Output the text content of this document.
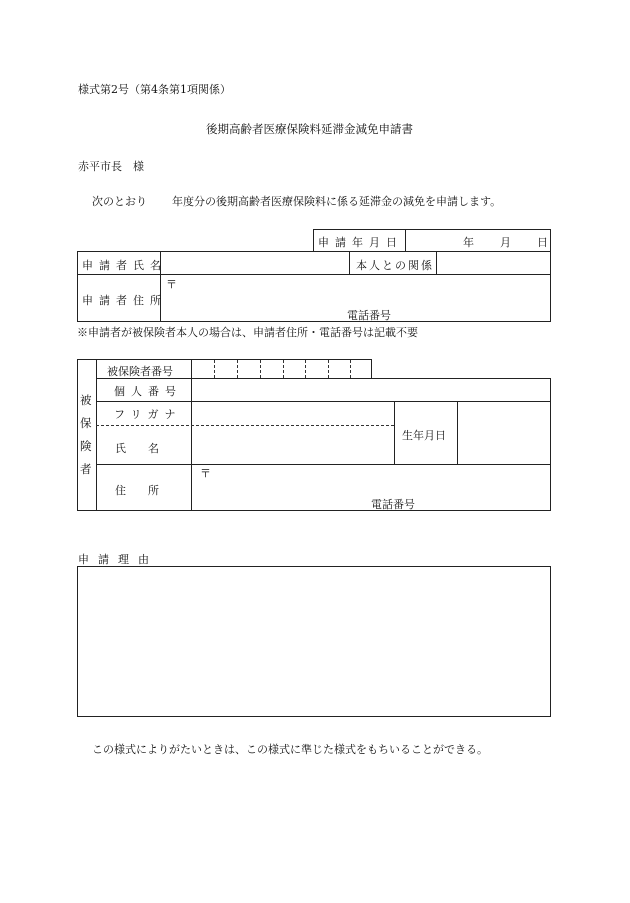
様式第2号（第4条第1項関係）
後期高齢者医療保険料延滞金減免申請書
赤平市長　様
次のとおり 年度分の後期高齢者医療保険料に係る延滞金の減免を申請します。
申請年月日	年 月 日
申請者氏名	本人との関係
申請者住所
〒
電話番号
※申請者が被保険者本人の場合は、申請者住所・電話番号は記載不要
被
保
険
者
被保険者番号
個人番号
フリガナ
氏　　名
生年月日
住　　所
〒
電話番号
申請理由
この様式によりがたいときは、この様式に準じた様式をもちいることができる。
